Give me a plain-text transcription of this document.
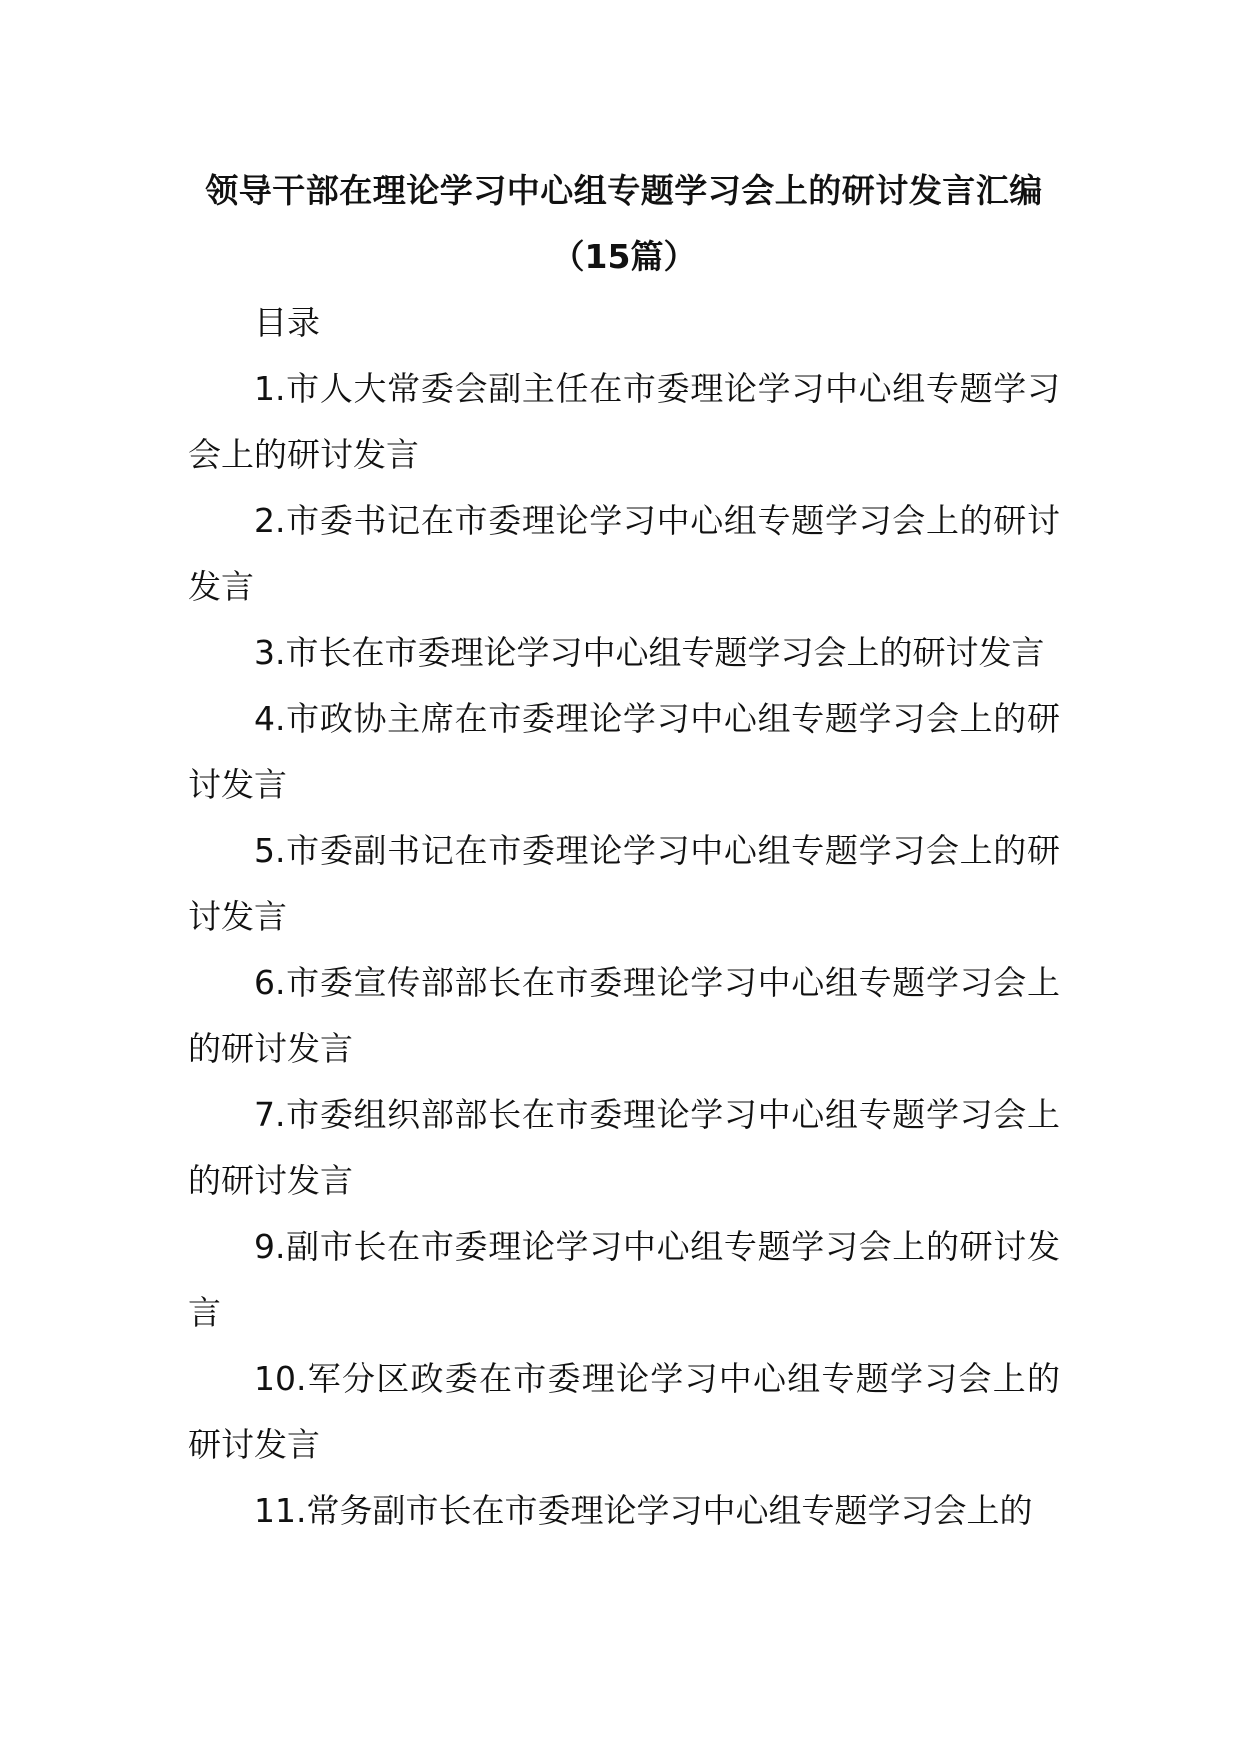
领导干部在理论学习中心组专题学习会上的研讨发言汇编

（15篇）

目录

1.市人大常委会副主任在市委理论学习中心组专题学习会上的研讨发言

2.市委书记在市委理论学习中心组专题学习会上的研讨发言

3.市长在市委理论学习中心组专题学习会上的研讨发言

4.市政协主席在市委理论学习中心组专题学习会上的研讨发言

5.市委副书记在市委理论学习中心组专题学习会上的研讨发言

6.市委宣传部部长在市委理论学习中心组专题学习会上的研讨发言

7.市委组织部部长在市委理论学习中心组专题学习会上的研讨发言

9.副市长在市委理论学习中心组专题学习会上的研讨发言

10.军分区政委在市委理论学习中心组专题学习会上的研讨发言

11.常务副市长在市委理论学习中心组专题学习会上的
